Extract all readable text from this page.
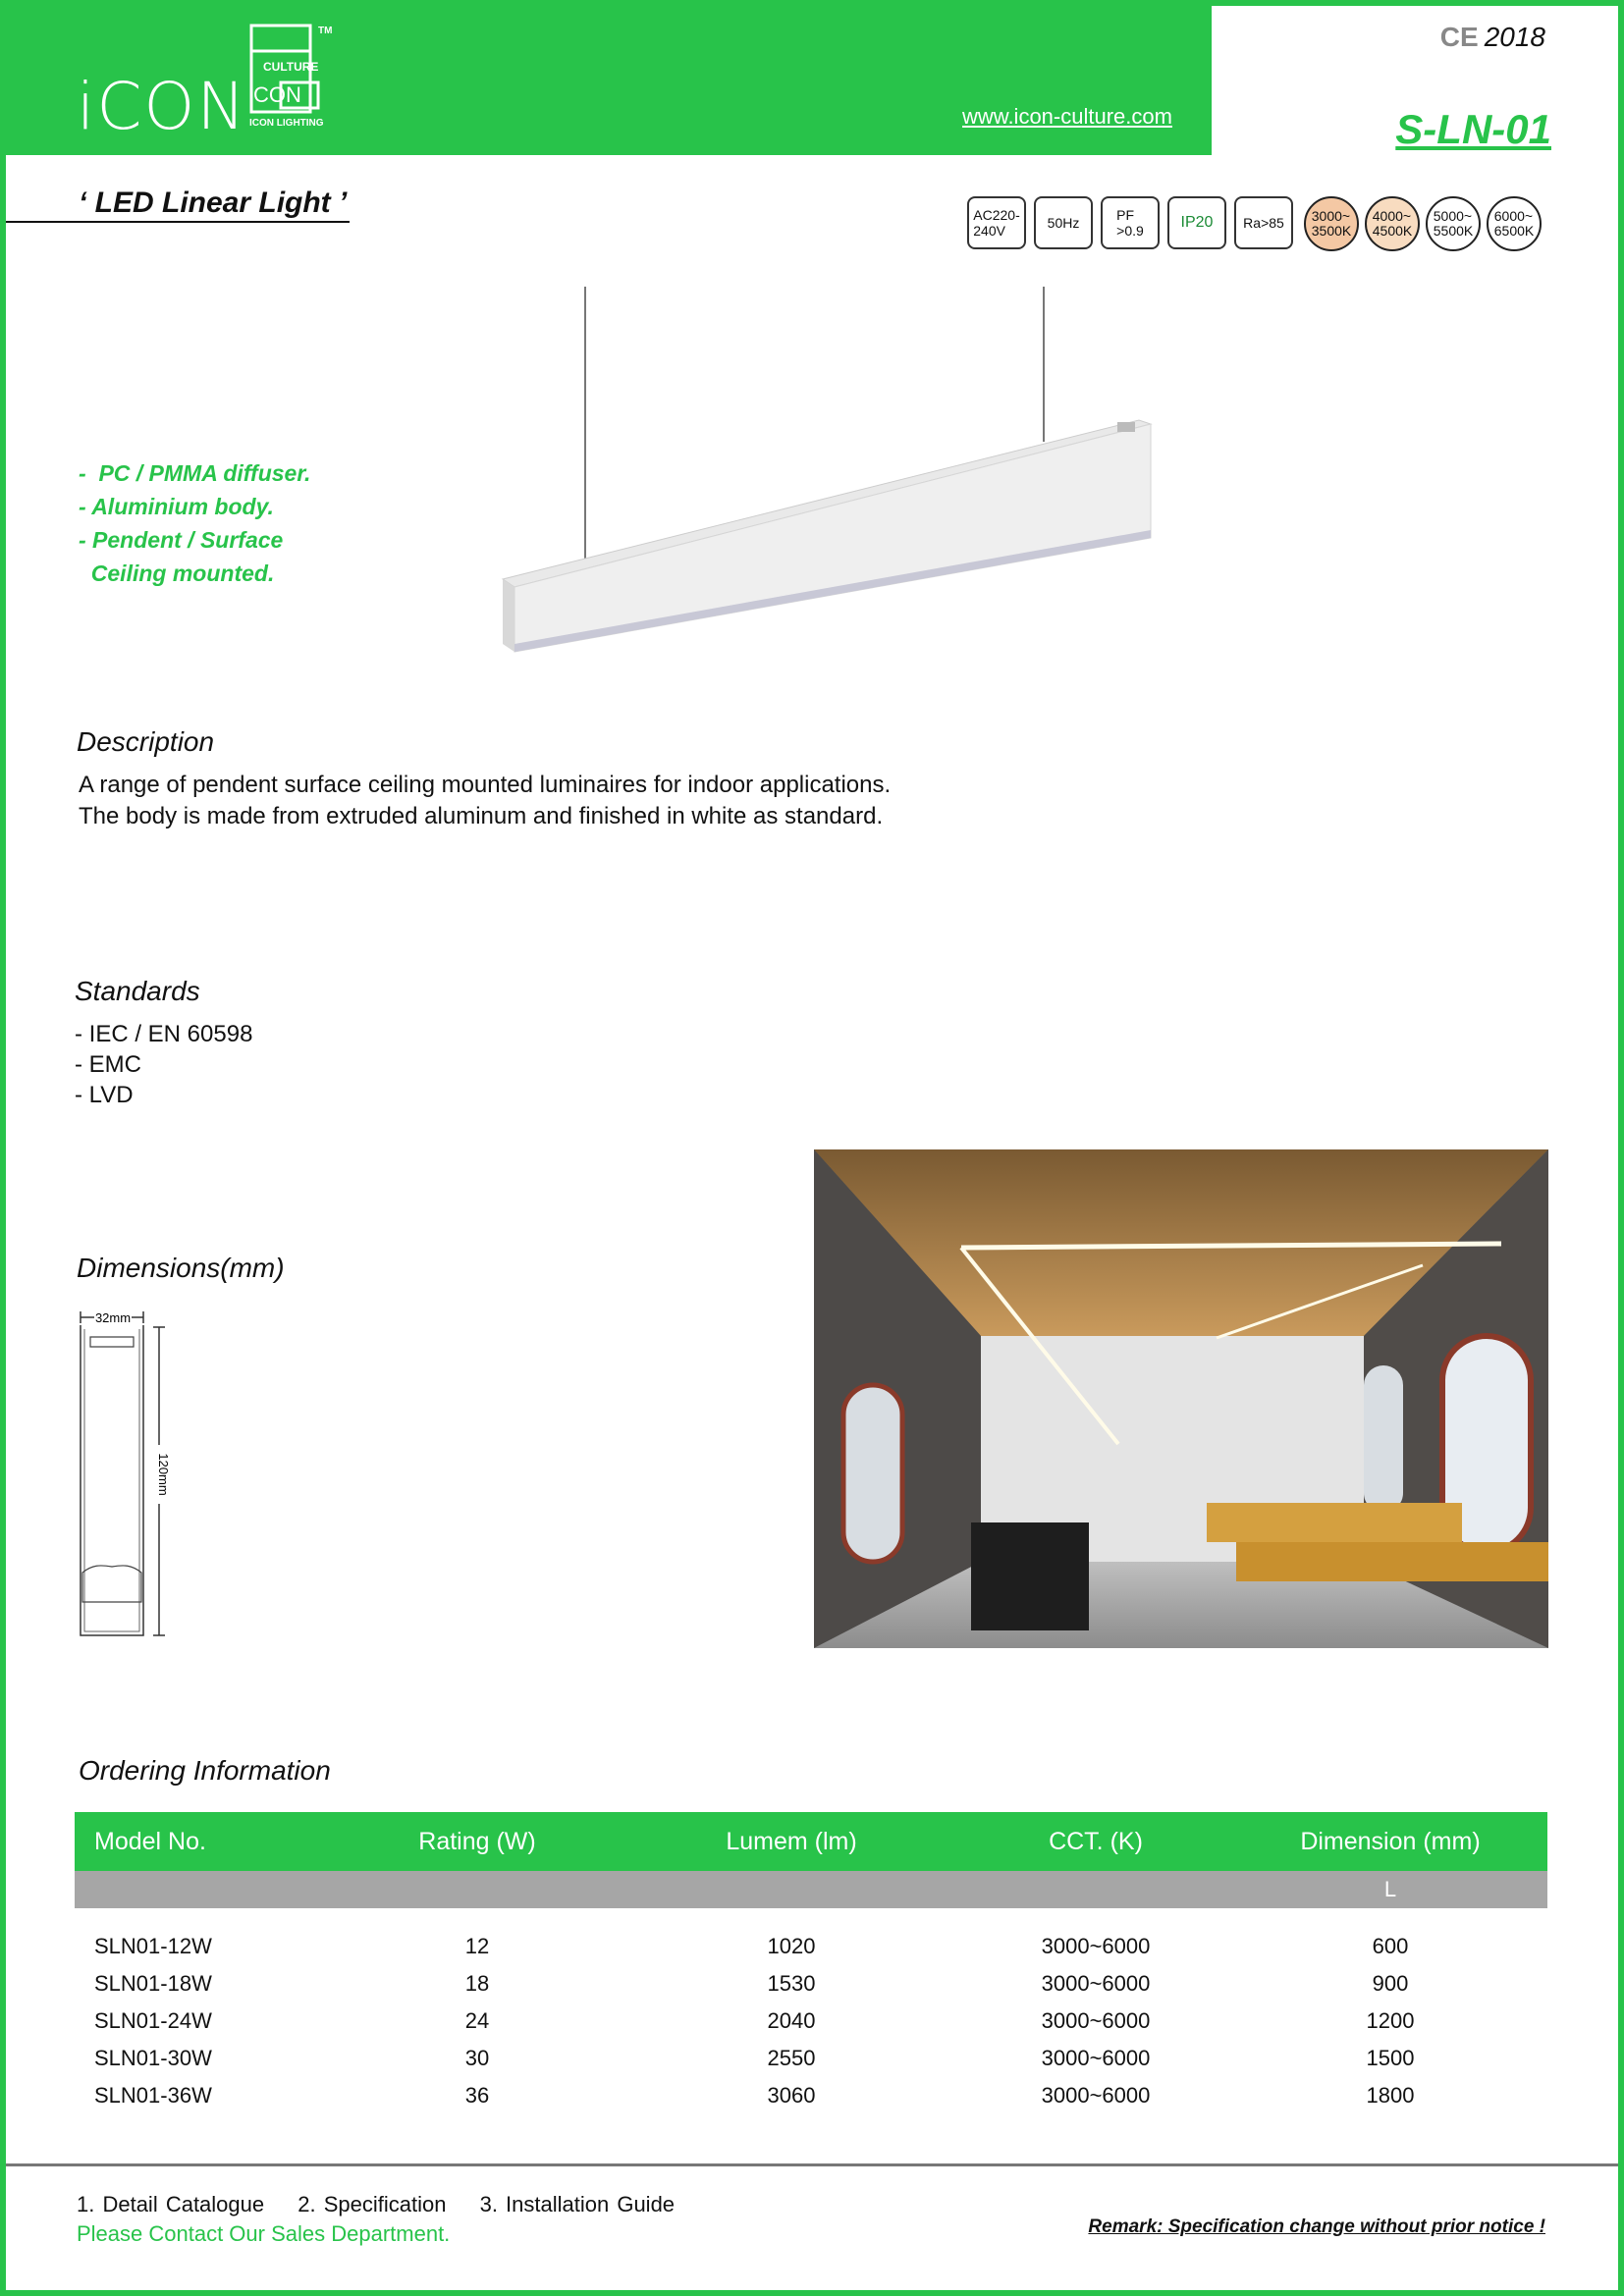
iCON
CULTURE
CON
TM
ICON LIGHTING	www.icon-culture.com
CE 2018
S-LN-01
‘ LED Linear Light ’	AC220-
240V	50Hz	PF
>0.9	IP20	Ra>85	3000~
3500K
4000~
4500K
5000~
5500K
6000~
6500K
-  PC / PMMA diffuser.
- Aluminium body.
- Pendent / Surface
Ceiling mounted.
Description
A range of pendent surface ceiling mounted luminaires for indoor applications.
The body is made from extruded aluminum and finished in white as standard.
Standards
- IEC / EN 60598
- EMC
- LVD
Dimensions(mm)
32mm
120mm
Ordering Information
Model No.	Rating (W)	Lumem (lm)	CCT. (K)	Dimension (mm)
				L

SLN01-12W	12	1020	3000~6000	600
SLN01-18W	18	1530	3000~6000	900
SLN01-24W	24	2040	3000~6000	1200
SLN01-30W	30	2550	3000~6000	1500
SLN01-36W	36	3060	3000~6000	1800
1. Detail Catalogue 2. Specification 3. Installation Guide
Please Contact Our Sales Department.	Remark: Specification change without prior notice !
